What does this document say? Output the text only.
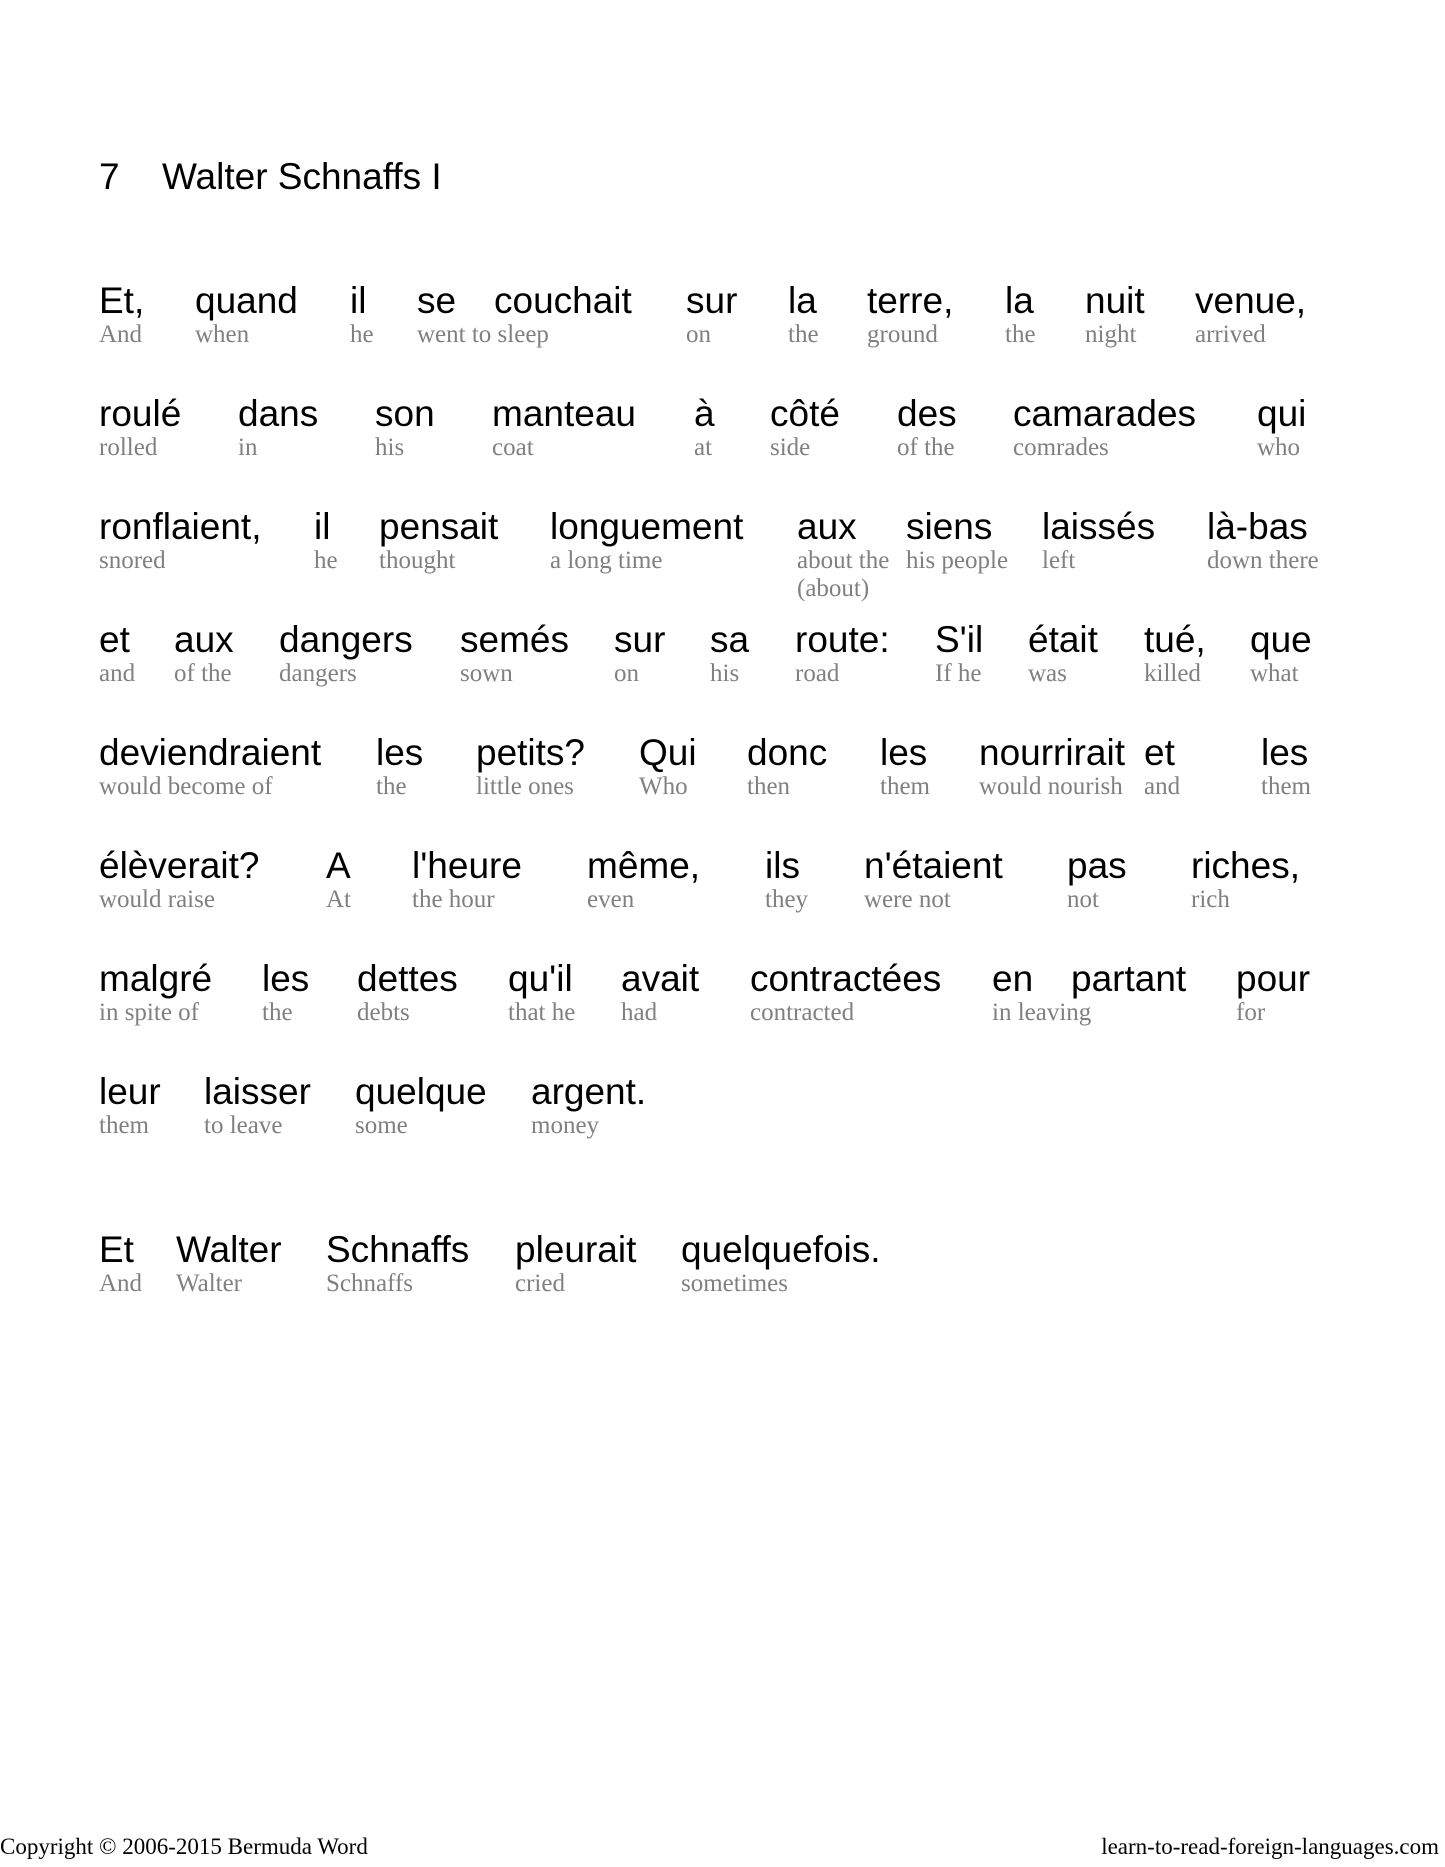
7 Walter Schnaffs I
Et,
And
quand
when
il
he
se
went to sleep
couchait sur
on
la
the
terre,
ground
la
the
nuit
night
venue,
arrived
roulé
rolled
dans
in
son
his
manteau
coat
à
at
côté
side
des
of the
camarades
comrades
qui
who
ronflaient,
snored
il
he
pensait
thought
longuement
a long time
aux
about the
(about)
siens
his people
laissés
left
là-bas
down there
et
and
aux
of the
dangers
dangers
semés
sown
sur
on
sa
his
route:
road
S'il
If he
était
was
tué,
killed
que
what
deviendraient
would become of
les
the
petits?
little ones
Qui
Who
donc
then
les
them
nourrirait
would nourish
et
and
les
them
élèverait?
would raise
A
At
l'heure
the hour
même,
even
ils
they
n'étaient
were not
pas
not
riches,
rich
malgré
in spite of
les
the
dettes
debts
qu'il
that he
avait
had
contractées
contracted
en
in leaving
partant pour
for
leur
them
laisser
to leave
quelque
some
argent.
money
Et
And
Walter
Walter
Schnaffs
Schnaffs
pleurait
cried
quelquefois.
sometimes
Copyright © 2006-2015 Bermuda Word	learn-to-read-foreign-languages.com
